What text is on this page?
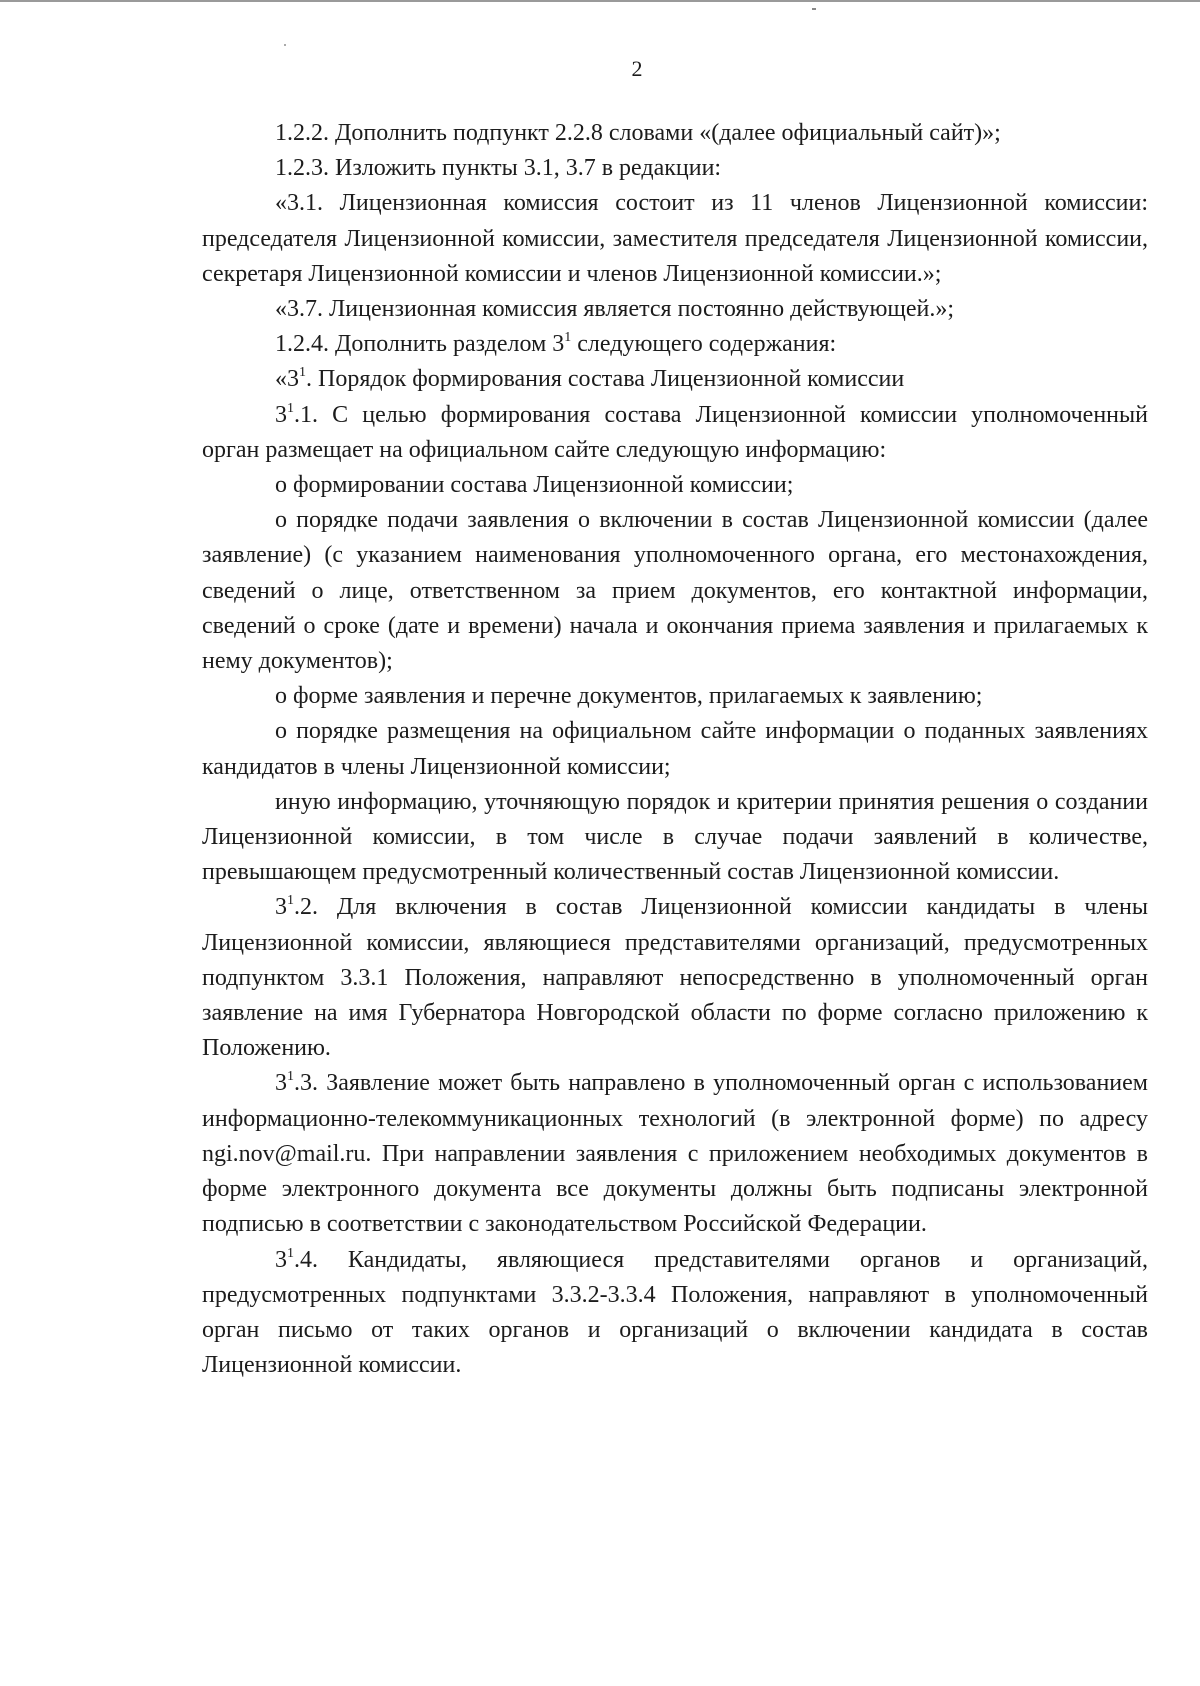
2

1.2.2. Дополнить подпункт 2.2.8 словами «(далее официальный сайт)»;

1.2.3. Изложить пункты 3.1, 3.7 в редакции:

«3.1. Лицензионная комиссия состоит из 11 членов Лицензионной комиссии: председателя Лицензионной комиссии, заместителя председателя Лицензионной комиссии, секретаря Лицензионной комиссии и членов Лицензионной комиссии.»;

«3.7. Лицензионная комиссия является постоянно действующей.»;

1.2.4. Дополнить разделом $3^1$ следующего содержания:

«$3^1$. Порядок формирования состава Лицензионной комиссии

$3^1.1$. С целью формирования состава Лицензионной комиссии уполномоченный орган размещает на официальном сайте следующую информацию:

о формировании состава Лицензионной комиссии;

о порядке подачи заявления о включении в состав Лицензионной комиссии (далее заявление) (с указанием наименования уполномоченного органа, его местонахождения, сведений о лице, ответственном за прием документов, его контактной информации, сведений о сроке (дате и времени) начала и окончания приема заявления и прилагаемых к нему документов);

о форме заявления и перечне документов, прилагаемых к заявлению;

о порядке размещения на официальном сайте информации о поданных заявлениях кандидатов в члены Лицензионной комиссии;

иную информацию, уточняющую порядок и критерии принятия решения о создании Лицензионной комиссии, в том числе в случае подачи заявлений в количестве, превышающем предусмотренный количественный состав Лицензионной комиссии.

$3^1.2$. Для включения в состав Лицензионной комиссии кандидаты в члены Лицензионной комиссии, являющиеся представителями организаций, предусмотренных подпунктом 3.3.1 Положения, направляют непосредственно в уполномоченный орган заявление на имя Губернатора Новгородской области по форме согласно приложению к Положению.

$3^1.3$. Заявление может быть направлено в уполномоченный орган с использованием информационно-телекоммуникационных технологий (в электронной форме) по адресу ngi.nov@mail.ru. При направлении заявления с приложением необходимых документов в форме электронного документа все документы должны быть подписаны электронной подписью в соответствии с законодательством Российской Федерации.

$3^1.4$. Кандидаты, являющиеся представителями органов и организаций, предусмотренных подпунктами 3.3.2-3.3.4 Положения, направляют в уполномоченный орган письмо от таких органов и организаций о включении кандидата в состав Лицензионной комиссии.
